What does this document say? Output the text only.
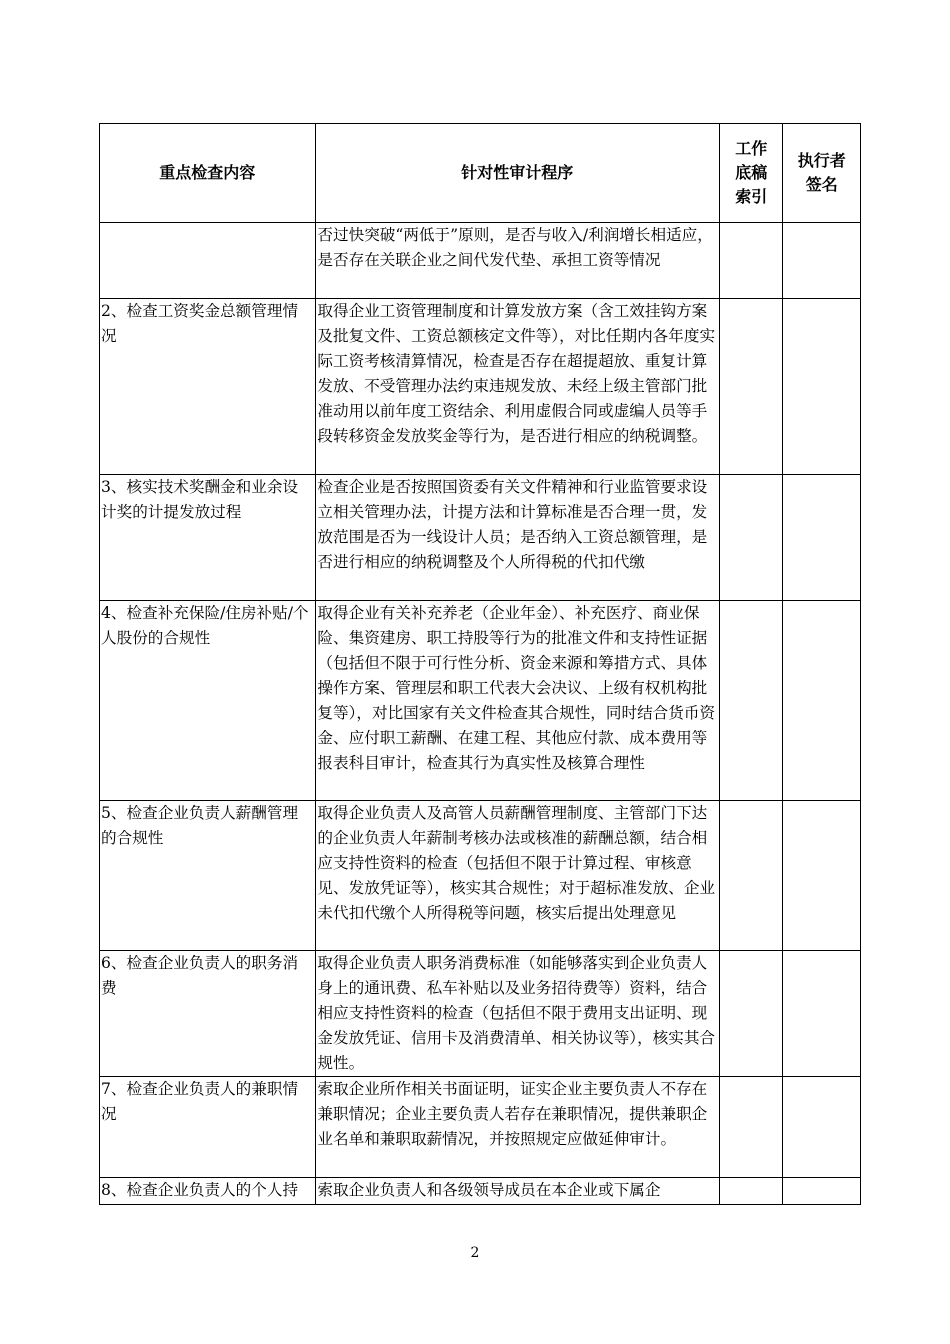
重点检查内容	针对性审计程序	工作底稿索引	执行者签名
	否过快突破“两低于”原则，是否与收入/利润增长相适应，是否存在关联企业之间代发代垫、承担工资等情况		
2、检查工资奖金总额管理情况	取得企业工资管理制度和计算发放方案（含工效挂钩方案及批复文件、工资总额核定文件等），对比任期内各年度实际工资考核清算情况，检查是否存在超提超放、重复计算发放、不受管理办法约束违规发放、未经上级主管部门批准动用以前年度工资结余、利用虚假合同或虚编人员等手段转移资金发放奖金等行为，是否进行相应的纳税调整。		
3、核实技术奖酬金和业余设计奖的计提发放过程	检查企业是否按照国资委有关文件精神和行业监管要求设立相关管理办法，计提方法和计算标准是否合理一贯，发放范围是否为一线设计人员；是否纳入工资总额管理，是否进行相应的纳税调整及个人所得税的代扣代缴		
4、检查补充保险/住房补贴/个人股份的合规性	取得企业有关补充养老（企业年金）、补充医疗、商业保险、集资建房、职工持股等行为的批准文件和支持性证据（包括但不限于可行性分析、资金来源和筹措方式、具体操作方案、管理层和职工代表大会决议、上级有权机构批复等），对比国家有关文件检查其合规性，同时结合货币资金、应付职工薪酬、在建工程、其他应付款、成本费用等报表科目审计，检查其行为真实性及核算合理性		
5、检查企业负责人薪酬管理的合规性	取得企业负责人及高管人员薪酬管理制度、主管部门下达的企业负责人年薪制考核办法或核准的薪酬总额，结合相应支持性资料的检查（包括但不限于计算过程、审核意见、发放凭证等），核实其合规性；对于超标准发放、企业未代扣代缴个人所得税等问题，核实后提出处理意见		
6、检查企业负责人的职务消费	取得企业负责人职务消费标准（如能够落实到企业负责人身上的通讯费、私车补贴以及业务招待费等）资料，结合相应支持性资料的检查（包括但不限于费用支出证明、现金发放凭证、信用卡及消费清单、相关协议等），核实其合规性。		
7、检查企业负责人的兼职情况	索取企业所作相关书面证明，证实企业主要负责人不存在兼职情况；企业主要负责人若存在兼职情况，提供兼职企业名单和兼职取薪情况，并按照规定应做延伸审计。		
8、检查企业负责人的个人持	索取企业负责人和各级领导成员在本企业或下属企		
2
